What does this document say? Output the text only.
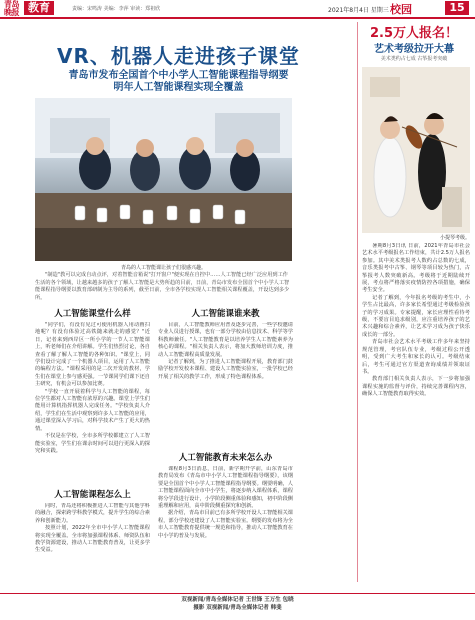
青岛晚报 教育	责编：宋鸣涛 美编：李萍 审读：郑祖欣	2021年8月4日 星期三 校园	15
VR、机器人走进孩子课堂
青岛市发布全国首个中小学人工智能课程指导纲要
明年人工智能课程实现全覆盖
青岛的人工智能课让孩子们很感兴趣。
"制造"教可以完成自动点评，对着智能音箱说"打开窗户"便实现在自控中……人工智能已经广泛应用到工作生活的各个领域，让越来越多的孩子了解人工智能是大势所趋的目前，日前，青岛市发布全国首个中小学人工智能课程指导纲要以教育部研制为主导的系列，截至日前，全市各学校实现人工智能相关课程覆盖，开设达到多少所。
人工智能课堂什么样

"同学们，有没有见过可使用机器人用动画扫地呢？有没有体验过高铁随来就走的感觉？"近日，记者来到西岸区一所小学的一节人工智能课上，听老师们在介绍讲解。学生们热烈讨论，各自查看了解了解人工智能的各种知识。"课堂上，同学们设计完成了一个机器人项目，运用了人工智能的编程方法。"课程采用的是二次开发的教材，学生们在课堂上参与感更强。一节课同学们课下还自主研究，有机会可以参加比赛。

"学校一直开展着科学与人工智能的课程，每位学生都对人工智能有浓厚的兴趣。课堂上学生们能用计算机指挥机器人完成任务。"学校负责人介绍，学生们在生活中观察到许多人工智能的应用，通过课堂深入学习后，对科学技术产生了更大的热情。

不仅是在学校，全市多所学校都建立了人工智能实验室，学生们在课余时间可以进行更深入的探究和实践。

人工智能课程怎么上

同时，青岛还将积极推进人工智能与其他学科的融合，探索跨学科教学模式，提升学生的综合素养和创新能力。

按照计划，2022年全市中小学人工智能课程将实现全覆盖。全市将加强课程体系、师资队伍和教学资源建设，推动人工智能教育普及，让更多学生受益。

人工智能课谁来教

目前，人工智能教师应用普及逐步完善，一些学校邀请专业人员进行授课，也有一部分学校由信息技术、科学等学科教师兼任。"人工智能教育是以培养学生人工智能素养为核心的课程。"相关负责人表示，将加大教师培训力度，推动人工智能课程高质量发展。

记者了解到，为了推进人工智能课程开展，教育部门鼓励学校开发校本课程、建设人工智能实验室，一批学校已经开展了相关的教学工作，形成了特色课程体系。

人工智能教育未来怎么办

课程8月3日消息，日前，新学期开学前，山东青岛市教育局发布《青岛市中小学人工智能课程指导纲要》，该纲要是全国首个中小学人工智能课程指导纲要。纲要明确，人工智能课程面向全市中小学生，将逐步纳入课程体系，课程将分学段进行设计，小学阶段侧重体验和感知，初中阶段侧重理解和应用，高中阶段侧重探究和创新。

据介绍，青岛市目前已有多所学校开设人工智能相关课程，部分学校还建设了人工智能实验室。纲要的发布将为全市人工智能教育提供统一规范和指导，推动人工智能教育在中小学的普及与发展。

2.5万人报名！
艺术考级拉开大幕
美术类约占七成 古筝报考突破
小提琴考级。

暑期8月3日讯 日前，2021年青岛市社会艺术水平考级报名工作结束，共计2.5万人报名参加。其中美术类报考人数约占总数的七成，音乐类报考中古筝、钢琴等项目较为热门，古筝报考人数突破新高。考级将于近期陆续开展，考点将严格落实疫情防控各项措施，确保考生安全。

记者了解到，今年报名考级的考生中，小学生占比最高，许多家长希望通过考级检验孩子的学习成果。专家提醒，家长应理性看待考级，不要盲目追求级别，应注重培养孩子的艺术兴趣和综合素养，让艺术学习成为孩子快乐成长的一部分。

青岛市社会艺术水平考级工作多年来坚持规范管理，考官队伍专业，考级过程公开透明，受到广大考生和家长的认可。考级结束后，考生可通过官方渠道查询成绩并领取证书。

教育部门相关负责人表示，下一步将加强课程实施的监督与评价，持续完善课程内容，确保人工智能教育取得实效。

双视新闻/青岛全媒体记者 王世锋 王万生 包晓
摄影 双视新闻/青岛全媒体记者 韩斐
